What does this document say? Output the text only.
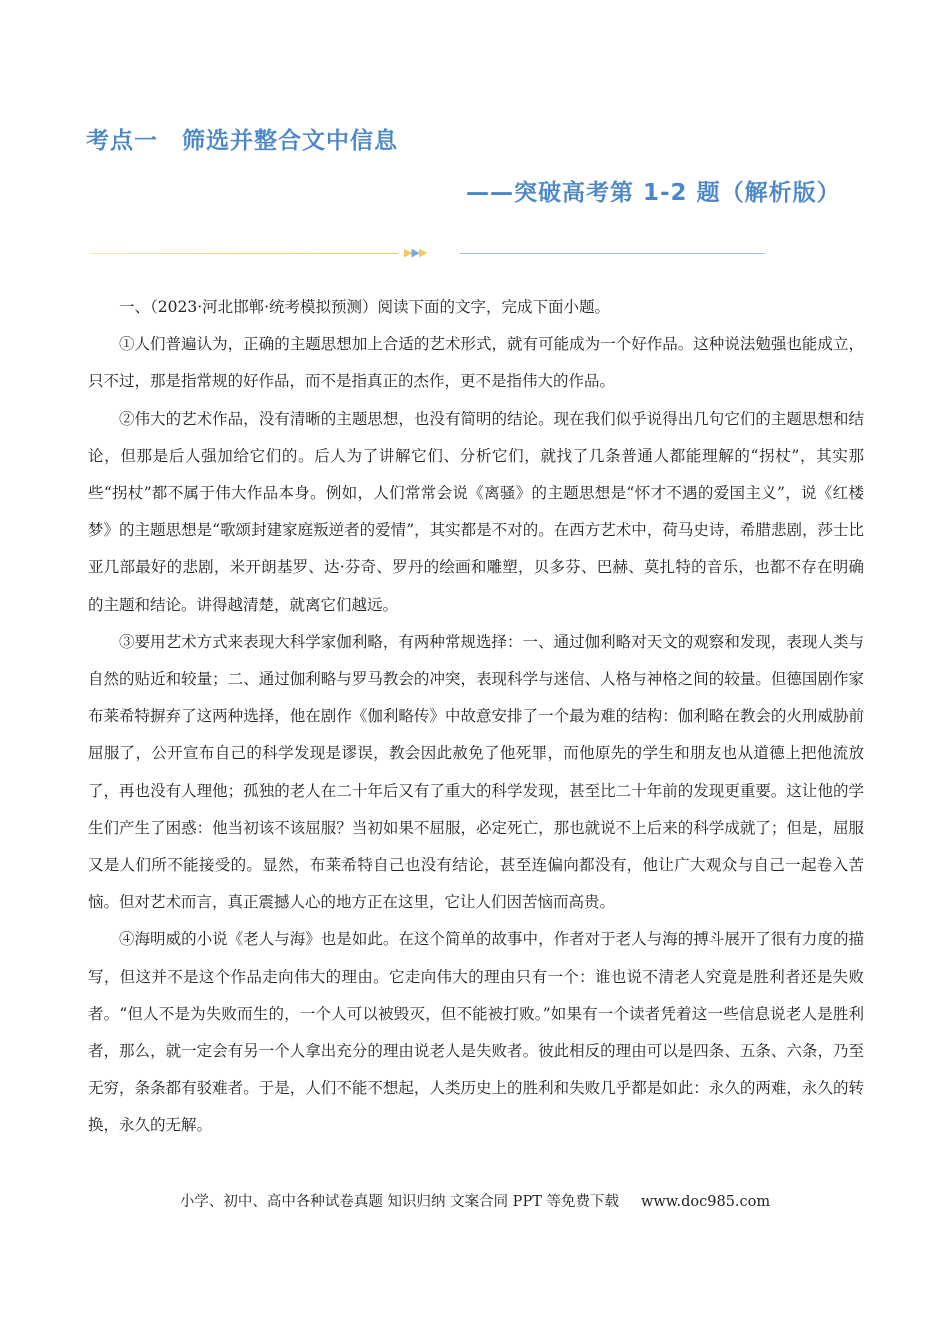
考点一　筛选并整合文中信息
——突破高考第 1-2 题（解析版）
▶▶▶

一、（2023·河北邯郸·统考模拟预测）阅读下面的文字，完成下面小题。

①人们普遍认为，正确的主题思想加上合适的艺术形式，就有可能成为一个好作品。这种说法勉强也能成立，只不过，那是指常规的好作品，而不是指真正的杰作，更不是指伟大的作品。

②伟大的艺术作品，没有清晰的主题思想，也没有简明的结论。现在我们似乎说得出几句它们的主题思想和结论，但那是后人强加给它们的。后人为了讲解它们、分析它们，就找了几条普通人都能理解的“拐杖”，其实那些“拐杖”都不属于伟大作品本身。例如，人们常常会说《离骚》的主题思想是“怀才不遇的爱国主义”，说《红楼梦》的主题思想是“歌颂封建家庭叛逆者的爱情”，其实都是不对的。在西方艺术中，荷马史诗，希腊悲剧，莎士比亚几部最好的悲剧，米开朗基罗、达·芬奇、罗丹的绘画和雕塑，贝多芬、巴赫、莫扎特的音乐，也都不存在明确的主题和结论。讲得越清楚，就离它们越远。

③要用艺术方式来表现大科学家伽利略，有两种常规选择：一、通过伽利略对天文的观察和发现，表现人类与自然的贴近和较量；二、通过伽利略与罗马教会的冲突，表现科学与迷信、人格与神格之间的较量。但德国剧作家布莱希特摒弃了这两种选择，他在剧作《伽利略传》中故意安排了一个最为难的结构：伽利略在教会的火刑威胁前屈服了，公开宣布自己的科学发现是谬误，教会因此赦免了他死罪，而他原先的学生和朋友也从道德上把他流放了，再也没有人理他；孤独的老人在二十年后又有了重大的科学发现，甚至比二十年前的发现更重要。这让他的学生们产生了困惑：他当初该不该屈服？当初如果不屈服，必定死亡，那也就说不上后来的科学成就了；但是，屈服又是人们所不能接受的。显然，布莱希特自己也没有结论，甚至连偏向都没有，他让广大观众与自己一起卷入苦恼。但对艺术而言，真正震撼人心的地方正在这里，它让人们因苦恼而高贵。

④海明威的小说《老人与海》也是如此。在这个简单的故事中，作者对于老人与海的搏斗展开了很有力度的描写，但这并不是这个作品走向伟大的理由。它走向伟大的理由只有一个：谁也说不清老人究竟是胜利者还是失败者。“但人不是为失败而生的，一个人可以被毁灭，但不能被打败。”如果有一个读者凭着这一些信息说老人是胜利者，那么，就一定会有另一个人拿出充分的理由说老人是失败者。彼此相反的理由可以是四条、五条、六条，乃至无穷，条条都有驳难者。于是，人们不能不想起，人类历史上的胜利和失败几乎都是如此：永久的两难，永久的转换，永久的无解。

小学、初中、高中各种试卷真题 知识归纳 文案合同 PPT 等免费下载 www.doc985.com
